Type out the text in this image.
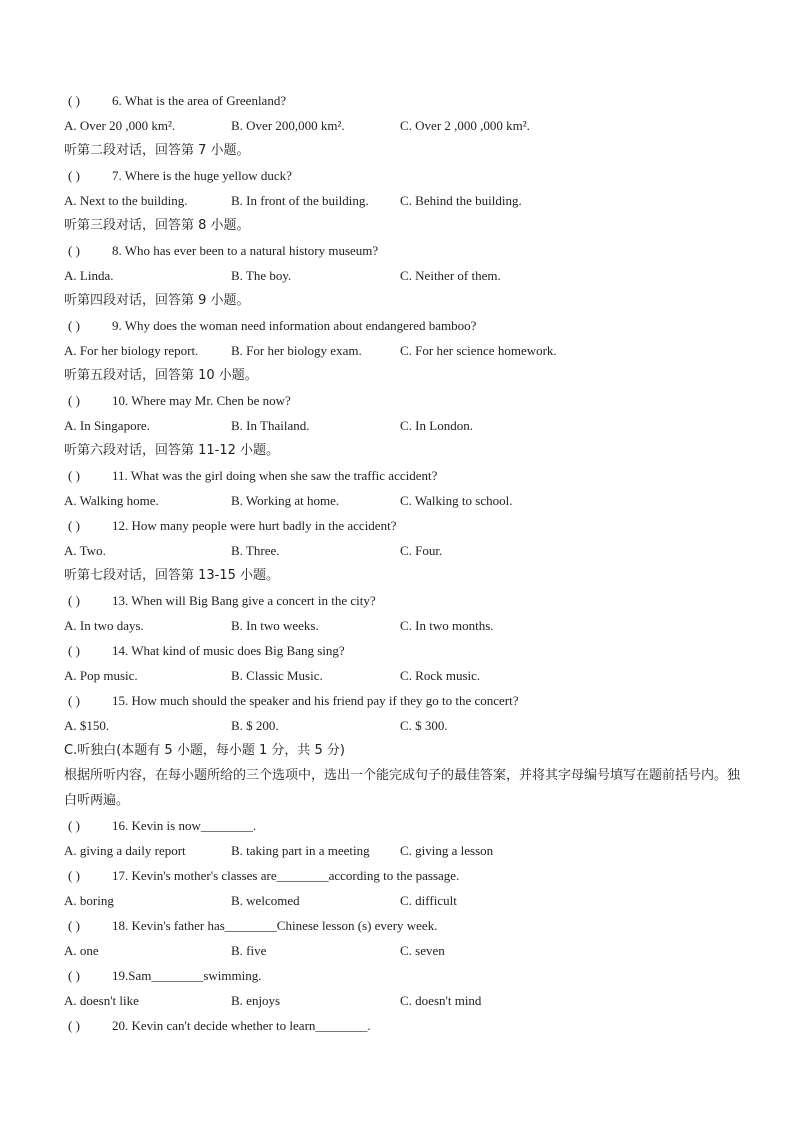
( ) 6. What is the area of Greenland?
A. Over 20 ,000 km².	B. Over 200,000 km².	C. Over 2 ,000 ,000 km².
听第二段对话，回答第 7 小题。
( ) 7. Where is the huge yellow duck?
A. Next to the building.	B. In front of the building.	C. Behind the building.
听第三段对话，回答第 8 小题。
( ) 8. Who has ever been to a natural history museum?
A. Linda.	B. The boy.	C. Neither of them.
听第四段对话，回答第 9 小题。
( ) 9. Why does the woman need information about endangered bamboo?
A. For her biology report.	B. For her biology exam.	C. For her science homework.
听第五段对话，回答第 10 小题。
( ) 10. Where may Mr. Chen be now?
A. In Singapore.	B. In Thailand.	C. In London.
听第六段对话，回答第 11-12 小题。
( ) 11. What was the girl doing when she saw the traffic accident?
A. Walking home.	B. Working at home.	C. Walking to school.
( ) 12. How many people were hurt badly in the accident?
A. Two.	B. Three.	C. Four.
听第七段对话，回答第 13-15 小题。
( ) 13. When will Big Bang give a concert in the city?
A. In two days.	B. In two weeks.	C. In two months.
( ) 14. What kind of music does Big Bang sing?
A. Pop music.	B. Classic Music.	C. Rock music.
( ) 15. How much should the speaker and his friend pay if they go to the concert?
A. $150.	B. $ 200.	C. $ 300.
C.听独白(本题有 5 小题，每小题 1 分，共 5 分)
根据所听内容，在每小题所给的三个选项中，选出一个能完成句子的最佳答案，并将其字母编号填写在题前括号内。独白听两遍。
( ) 16. Kevin is now________.
A. giving a daily report	B. taking part in a meeting	C. giving a lesson
( ) 17. Kevin's mother's classes are________according to the passage.
A. boring	B. welcomed	C. difficult
( ) 18. Kevin's father has________Chinese lesson (s) every week.
A. one	B. five	C. seven
( ) 19.Sam________swimming.
A. doesn't like	B. enjoys	C. doesn't mind
( ) 20. Kevin can't decide whether to learn________.
